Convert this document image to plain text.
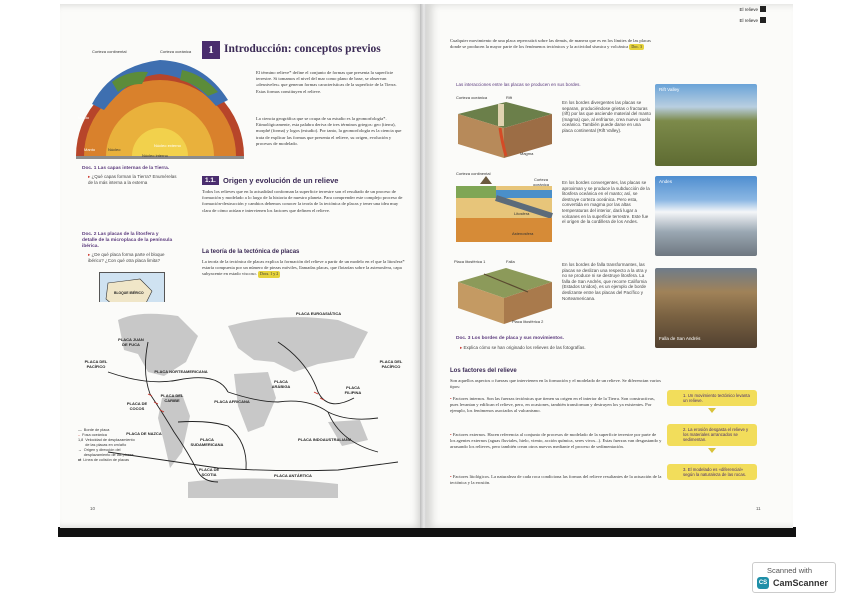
Corteza continental	Corteza oceánica
Manto
Núcleo externo
Núcleo
Núcleo interno
Manto
1 Introducción: conceptos previos
El término relieve* define el conjunto de formas que presenta la superficie terrestre. Si tomamos el nivel del mar como plano de base, se observan «desniveles» que generan formas características de la superficie de la Tierra. Estas formas constituyen el relieve.
La ciencia geográfica que se ocupa de su estudio es la geomorfología*. Etimológicamente, esta palabra deriva de tres términos griegos: geo (tierra), morphé (forma) y logos (estudio). Por tanto, la geomorfología es la ciencia que trata de explicar las formas que presenta el relieve, su origen, evolución y procesos de modelado.
Doc. 1 Las capas internas de la Tierra.
▸ ¿Qué capas forman la Tierra? Enumérelas de la más interna a la externa	1.1. Origen y evolución de un relieve
Todos los relieves que en la actualidad conforman la superficie terrestre son el resultado de un proceso de formación y modelado a lo largo de la historia de nuestro planeta. Para comprender este complejo proceso de formación-destrucción y cambios debemos conocer la teoría de la tectónica de placas y tener una idea muy clara de cómo actúan e intervienen los factores que definen el relieve.
Doc. 2 Las placas de la litosfera y detalle de la microplaca de la península ibérica.
▸ ¿De qué placa forma parte el bloque ibérico? ¿Con qué otra placa limita?
La teoría de la tectónica de placas
La teoría de la tectónica de placas explica la formación del relieve a partir de un modelo en el que la litosfera* estaría compuesta por un número de piezas móviles, llamadas placas, que flotarían sobre la astenosfera, capa subyacente en estado viscoso. Docs. 1 y 2
BLOQUE IBÉRICO
PLACA EUROASIÁTICA
PLACA JUAN DE FUCA
PLACA NORTEAMERICANA
PLACA DEL PACÍFICO
PLACA DE COCOS
PLACA DEL CARIBE
PLACA DE NAZCA
PLACA SUDAMERICANA
PLACA AFRICANA
PLACA ARÁBIGA	PLACA FILIPINA
PLACA DEL PACÍFICO
PLACA INDOAUSTRALIANA
PLACA DE SCOTIA	PLACA ANTÁRTICA
— Borde de placa
‒ Fosa oceánica
1,8 Velocidad de desplazamiento de las placas en cm/año
→ Origen y dirección del desplazamiento de las placas
⇄ Línea de colisión de placas
10
El relieve
El relieve
Cualquier movimiento de una placa repercutirá sobre las demás, de manera que es en los límites de las placas donde se producen la mayor parte de los fenómenos tectónicos y la actividad sísmica y volcánica Doc. 3
Las interacciones entre las placas se producen en sus bordes.
Corteza oceánica	Rift
Magma
En los bordes divergentes las placas se separan, produciéndose grietas o fracturas (rift) por las que asciende material del manto (magma) que, al enfriarse, crea nuevo suelo oceánico. También puede darse en una placa continental (Rift Valley).
Rift Valley
Corteza continental
Corteza oceánica
Litosfera
Astenosfera
En los bordes convergentes, las placas se aproximan y se produce la subducción de la litosfera oceánica en el manto; así, se destruye corteza oceánica. Pero esta, convertida en magma por las altas temperaturas del interior, dará lugar a volcanes en la superficie terrestre. Este fue el origen de la cordillera de los Andes.
Andes
Placa litosférica 1	Falla
Placa litosférica 2
En los bordes de falla transformantes, las placas se deslizan una respecto a la otra y no se produce ni se destruye litosfera. La falla de San Andrés, que recorre California (Estados Unidos), es un ejemplo de borde deslizante entre las placas del Pacífico y Norteamericana.
Falla de San Andrés
Doc. 3 Los bordes de placa y sus movimientos.
▸ Explica cómo se han originado los relieves de las fotografías.
Los factores del relieve
Son aquellos aspectos o fuerzas que intervienen en la formación y el modelado de un relieve. Se diferencian varios tipos:
• Factores internos. Son las fuerzas tectónicas que tienen su origen en el interior de la Tierra. Son constructivas, pues levantan y edifican el relieve, pero, en ocasiones, también transforman y destruyen los ya existentes. Por ejemplo, los fenómenos asociados al vulcanismo.
• Factores externos. Hacen referencia al conjunto de procesos de modelado de la superficie terrestre por parte de los agentes externos (aguas fluviales, hielo, viento, acción química, seres vivos...). Estas fuerzas van desgastando y arrasando los relieves, pero también crean otros nuevos mediante el proceso de sedimentación.
• Factores litológicos. La naturaleza de cada roca condiciona las formas del relieve resultantes de la actuación de la tectónica y la erosión.
1. Un movimiento tectónico levanta un relieve.
2. La erosión desgasta el relieve y los materiales arrancados se sedimentan.
3. El modelado es «diferencial» según la naturaleza de las rocas.
11
Scanned with
CS CamScanner
